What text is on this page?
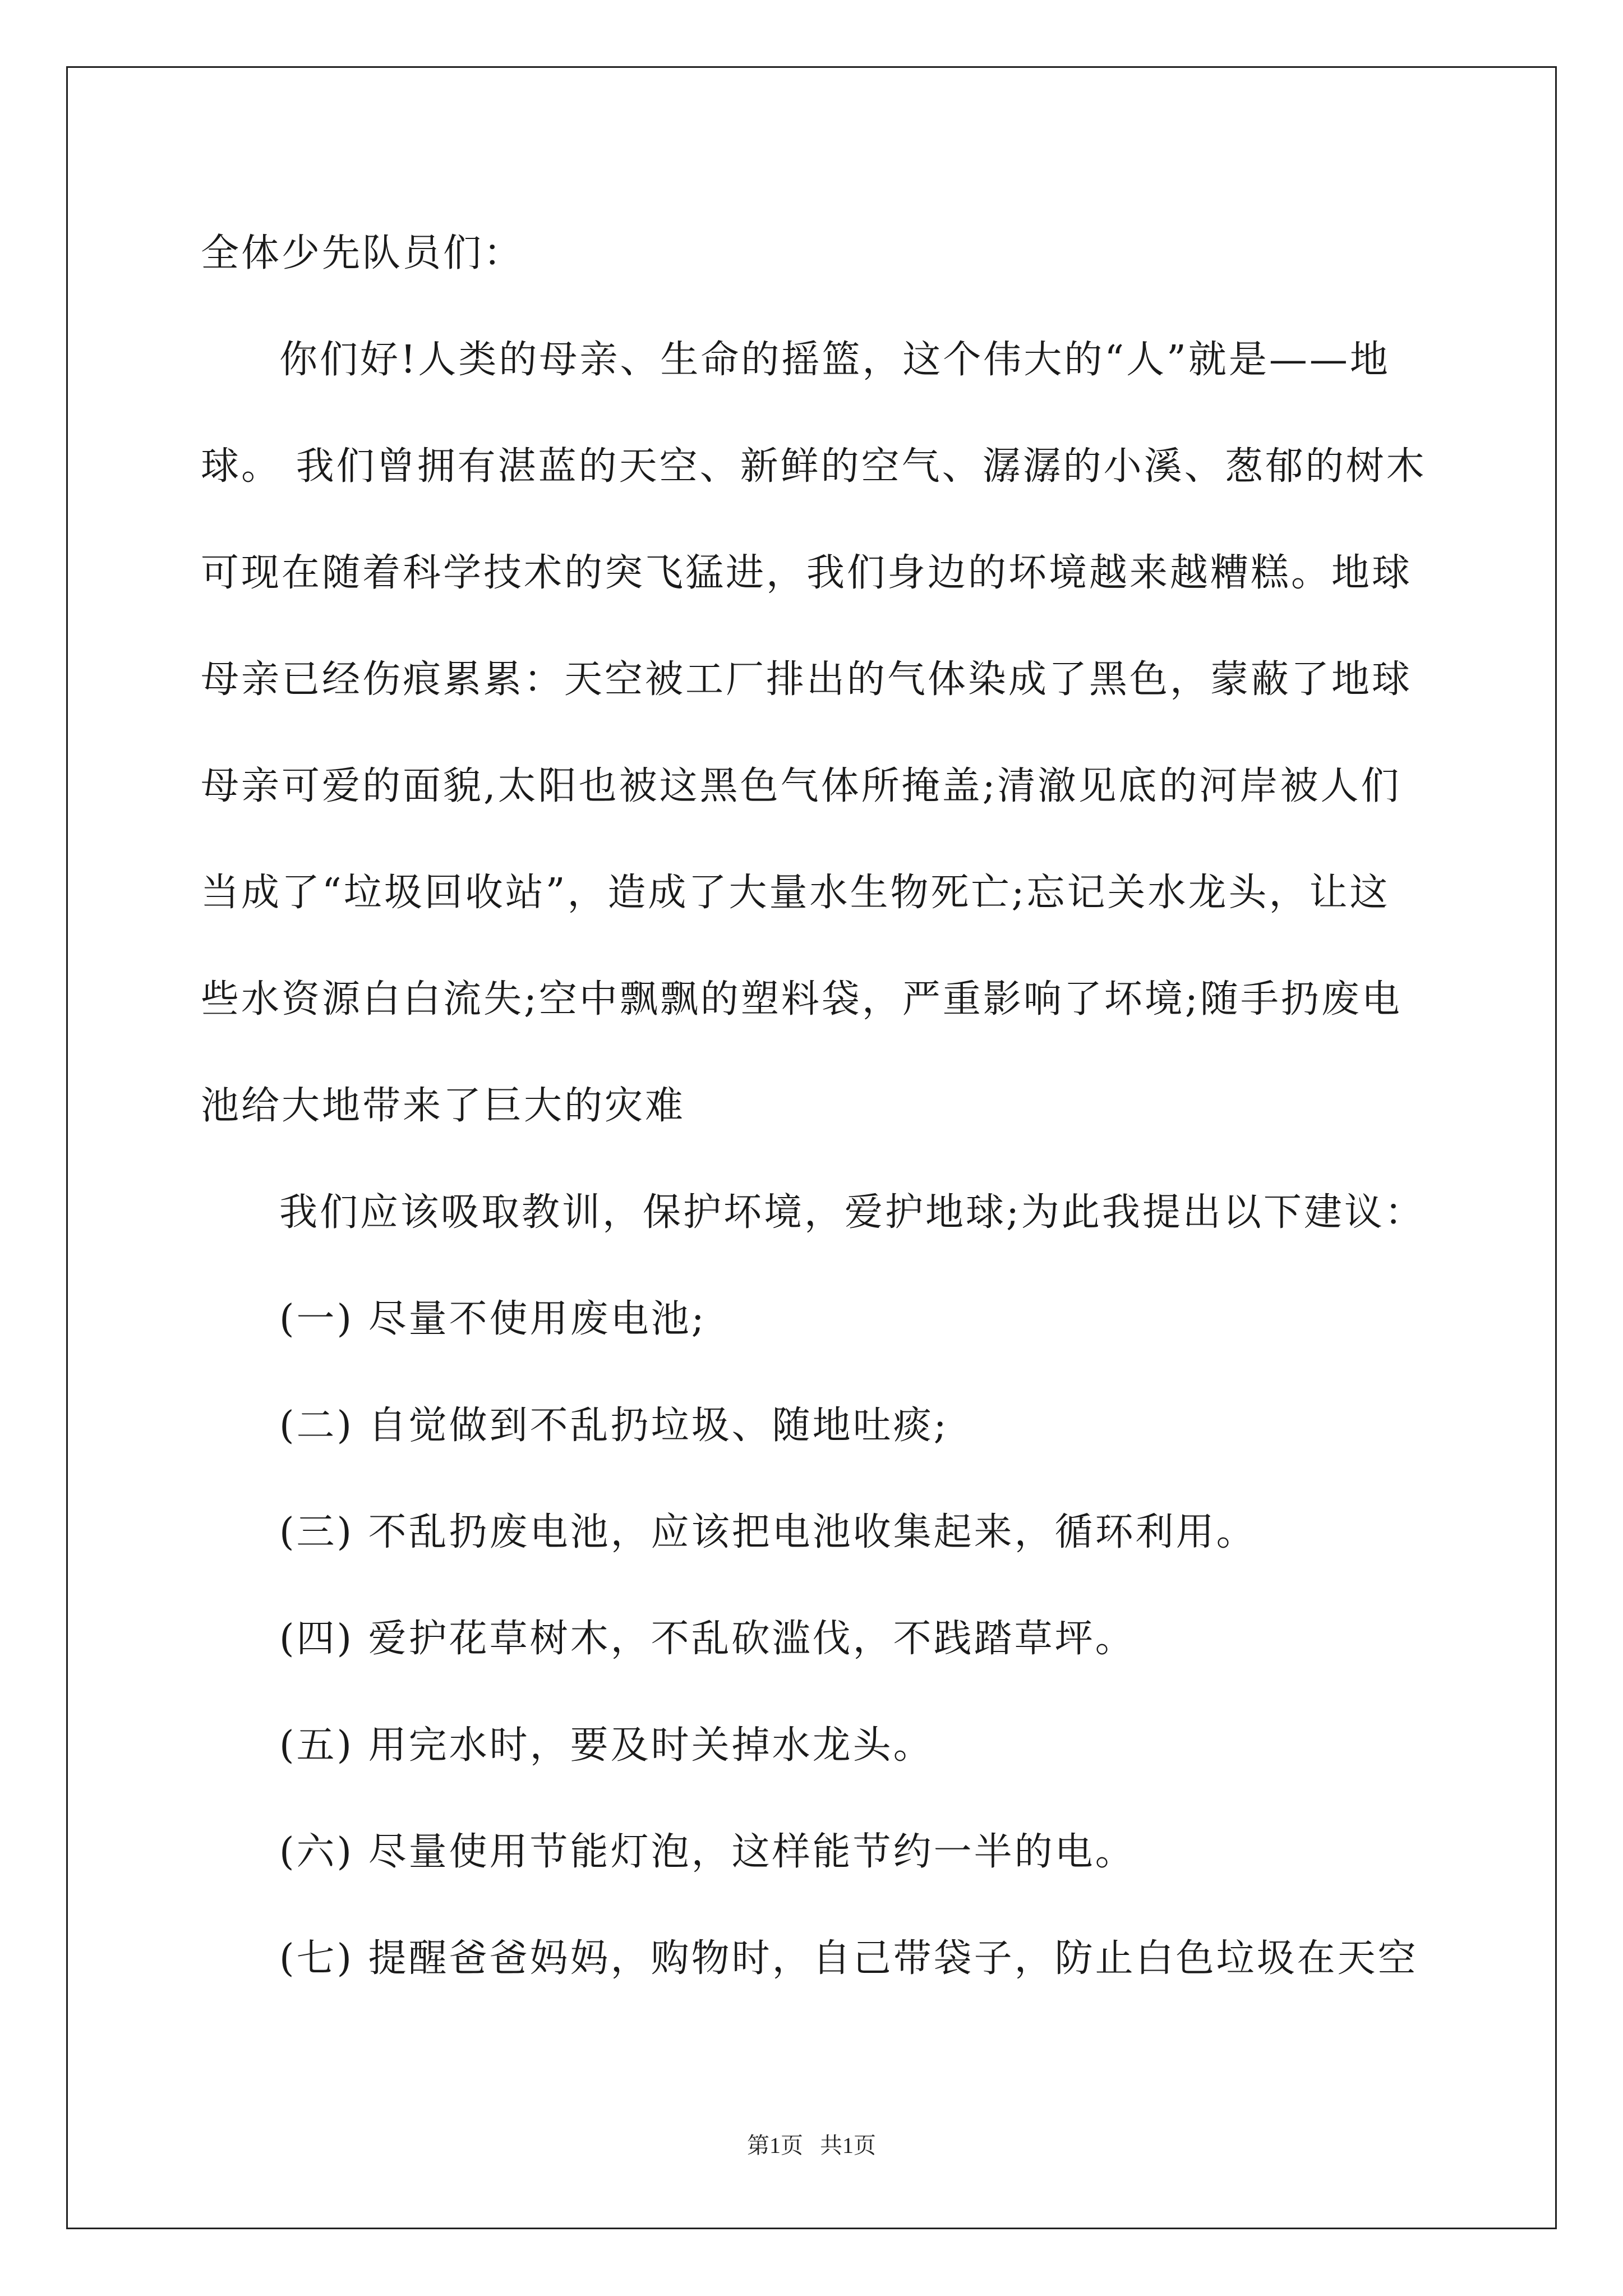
全体少先队员们：
你们好!人类的母亲、生命的摇篮，这个伟大的“人”就是——地
球。 我们曾拥有湛蓝的天空、新鲜的空气、潺潺的小溪、葱郁的树木
可现在随着科学技术的突飞猛进，我们身边的坏境越来越糟糕。地球
母亲已经伤痕累累：天空被工厂排出的气体染成了黑色，蒙蔽了地球
母亲可爱的面貌,太阳也被这黑色气体所掩盖;清澈见底的河岸被人们
当成了“垃圾回收站”，造成了大量水生物死亡;忘记关水龙头，让这
些水资源白白流失;空中飘飘的塑料袋，严重影响了坏境;随手扔废电
池给大地带来了巨大的灾难
我们应该吸取教训，保护坏境，爱护地球;为此我提出以下建议：
(一) 尽量不使用废电池;
(二) 自觉做到不乱扔垃圾、随地吐痰;
(三) 不乱扔废电池，应该把电池收集起来，循环利用。
(四) 爱护花草树木，不乱砍滥伐，不践踏草坪。
(五) 用完水时，要及时关掉水龙头。
(六) 尽量使用节能灯泡，这样能节约一半的电。
(七) 提醒爸爸妈妈，购物时，自己带袋子，防止白色垃圾在天空
第1页 共1页
